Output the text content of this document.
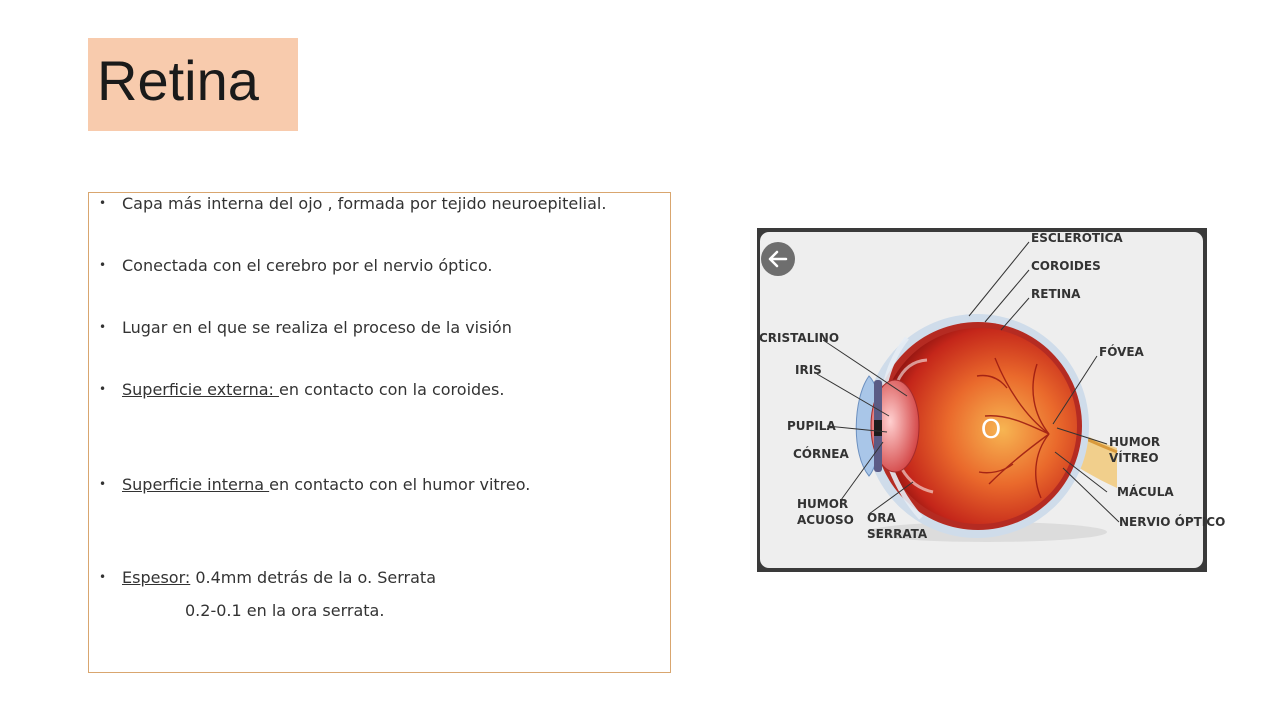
Retina
• Capa más interna del ojo , formada por tejido neuroepitelial.
• Conectada con el cerebro por el nervio óptico.
• Lugar en el que se realiza el proceso de la visión
• Superficie externa: en contacto con la coroides.
• Superficie interna en contacto con el humor vitreo.
• Espesor: 0.4mm detrás de la o. Serrata
0.2-0.1 en la ora serrata.
O
ESCLERÓTICA
COROIDES
RETINA
CRISTALINO
FÓVEA
IRIS
PUPILA
HUMOR
VÍTREO
CÓRNEA
MÁCULA
HUMOR
ACUOSO ORA
SERRATA
NERVIO ÓPTICO
